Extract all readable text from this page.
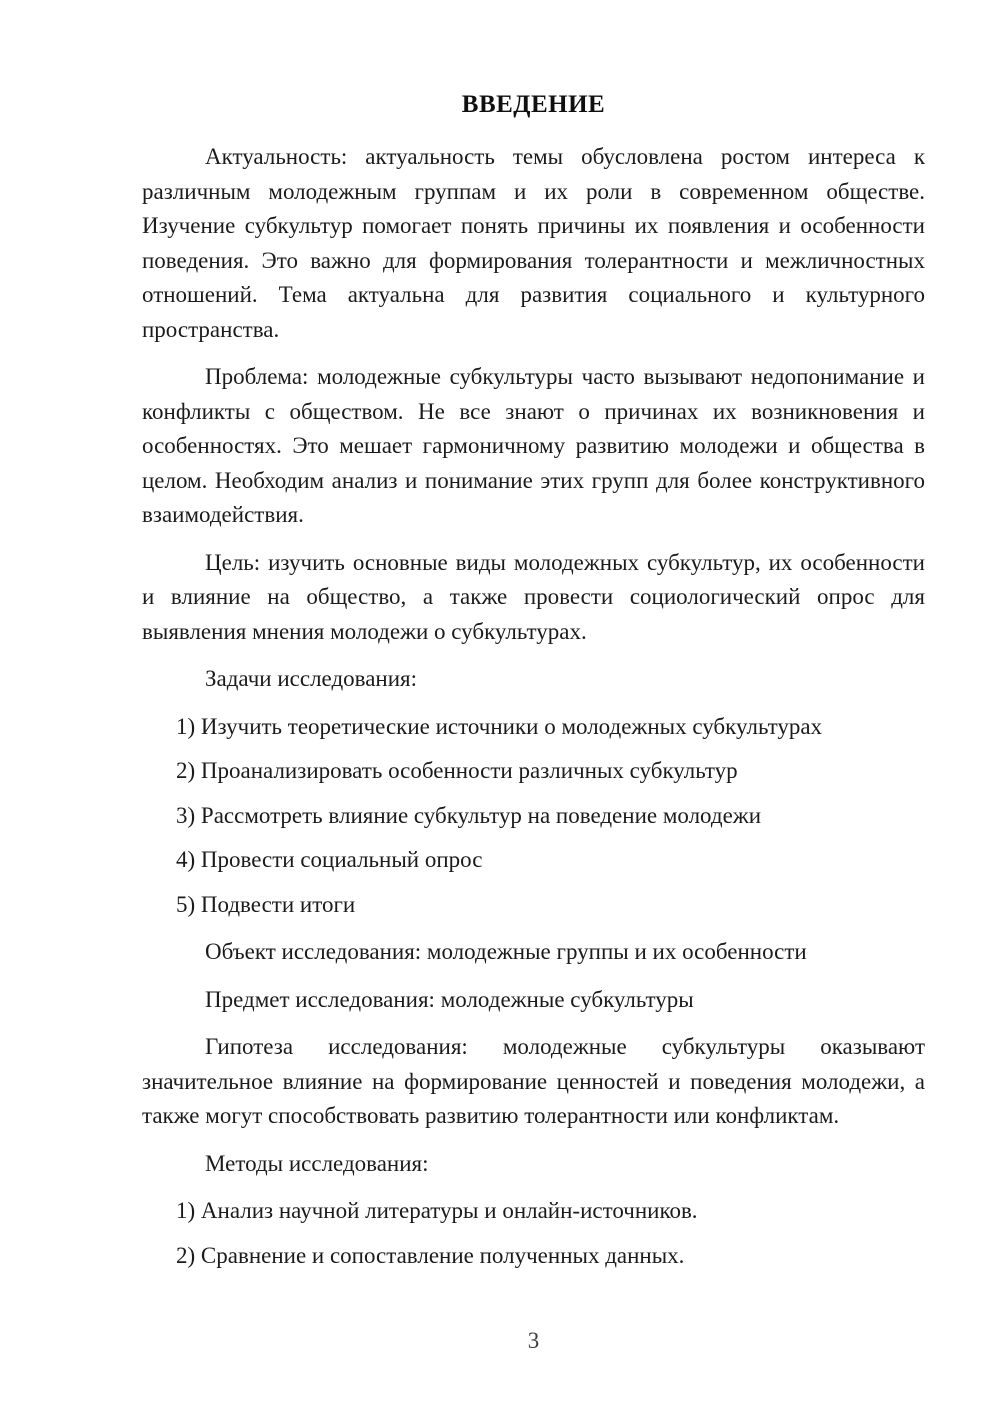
ВВЕДЕНИЕ

Актуальность: актуальность темы обусловлена ростом интереса к различным молодежным группам и их роли в современном обществе. Изучение субкультур помогает понять причины их появления и особенности поведения. Это важно для формирования толерантности и межличностных отношений. Тема актуальна для развития социального и культурного пространства.

Проблема: молодежные субкультуры часто вызывают недопонимание и конфликты с обществом. Не все знают о причинах их возникновения и особенностях. Это мешает гармоничному развитию молодежи и общества в целом. Необходим анализ и понимание этих групп для более конструктивного взаимодействия.

Цель: изучить основные виды молодежных субкультур, их особенности и влияние на общество, а также провести социологический опрос для выявления мнения молодежи о субкультурах.

Задачи исследования:

1) Изучить теоретические источники о молодежных субкультурах

2) Проанализировать особенности различных субкультур

3) Рассмотреть влияние субкультур на поведение молодежи

4) Провести социальный опрос

5) Подвести итоги

Объект исследования: молодежные группы и их особенности

Предмет исследования: молодежные субкультуры

Гипотеза исследования: молодежные субкультуры оказывают значительное влияние на формирование ценностей и поведения молодежи, а также могут способствовать развитию толерантности или конфликтам.

Методы исследования:

1) Анализ научной литературы и онлайн-источников.

2) Сравнение и сопоставление полученных данных.

3
